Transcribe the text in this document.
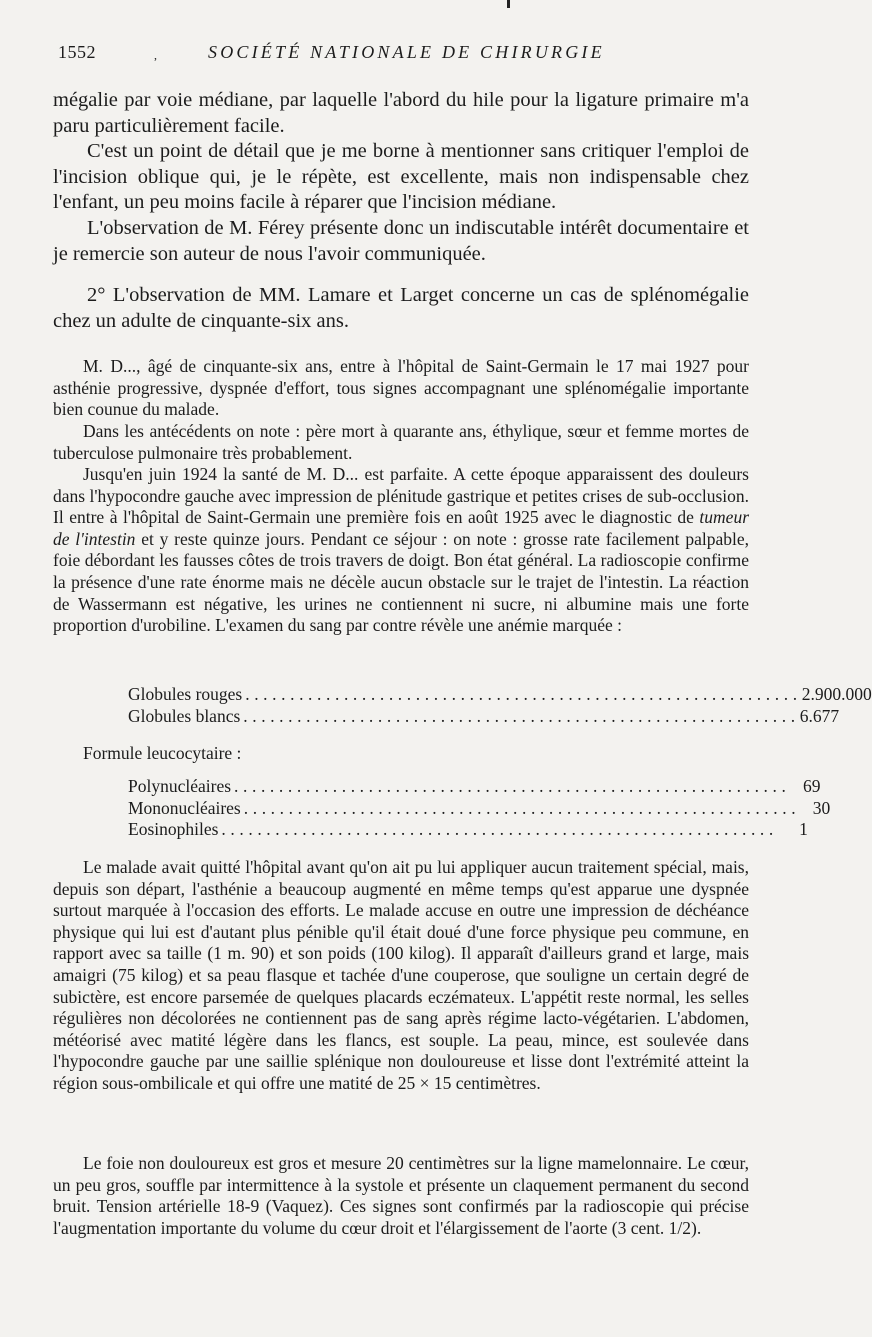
1552	,	SOCIÉTÉ NATIONALE DE CHIRURGIE

mégalie par voie médiane, par laquelle l'abord du hile pour la ligature primaire m'a paru particulièrement facile.

C'est un point de détail que je me borne à mentionner sans critiquer l'emploi de l'incision oblique qui, je le répète, est excellente, mais non indispensable chez l'enfant, un peu moins facile à réparer que l'incision médiane.

L'observation de M. Férey présente donc un indiscutable intérêt documentaire et je remercie son auteur de nous l'avoir communiquée.

2° L'observation de MM. Lamare et Larget concerne un cas de splénomégalie chez un adulte de cinquante-six ans.

M. D..., âgé de cinquante-six ans, entre à l'hôpital de Saint-Germain le 17 mai 1927 pour asthénie progressive, dyspnée d'effort, tous signes accompagnant une splénomégalie importante bien counue du malade.

Dans les antécédents on note : père mort à quarante ans, éthylique, sœur et femme mortes de tuberculose pulmonaire très probablement.

Jusqu'en juin 1924 la santé de M. D... est parfaite. A cette époque apparaissent des douleurs dans l'hypocondre gauche avec impression de plénitude gastrique et petites crises de sub-occlusion. Il entre à l'hôpital de Saint-Germain une première fois en août 1925 avec le diagnostic de tumeur de l'intestin et y reste quinze jours. Pendant ce séjour : on note : grosse rate facilement palpable, foie débordant les fausses côtes de trois travers de doigt. Bon état général. La radioscopie confirme la présence d'une rate énorme mais ne décèle aucun obstacle sur le trajet de l'intestin. La réaction de Wassermann est négative, les urines ne contiennent ni sucre, ni albumine mais une forte proportion d'urobiline. L'examen du sang par contre révèle une anémie marquée :

Globules rouges .............................................................. 2.900.000
Globules blancs .............................................................. 6.677
Formule leucocytaire :
Polynucléaires .............................................................. 69
Mononucléaires .............................................................. 30
Eosinophiles ..............................................................	1

Le malade avait quitté l'hôpital avant qu'on ait pu lui appliquer aucun traitement spécial, mais, depuis son départ, l'asthénie a beaucoup augmenté en même temps qu'est apparue une dyspnée surtout marquée à l'occasion des efforts. Le malade accuse en outre une impression de déchéance physique qui lui est d'autant plus pénible qu'il était doué d'une force physique peu commune, en rapport avec sa taille (1 m. 90) et son poids (100 kilog). Il apparaît d'ailleurs grand et large, mais amaigri (75 kilog) et sa peau flasque et tachée d'une couperose, que souligne un certain degré de subictère, est encore parsemée de quelques placards eczémateux. L'appétit reste normal, les selles régulières non décolorées ne contiennent pas de sang après régime lacto-végétarien. L'abdomen, météorisé avec matité légère dans les flancs, est souple. La peau, mince, est soulevée dans l'hypocondre gauche par une saillie splénique non douloureuse et lisse dont l'extrémité atteint la région sous-ombilicale et qui offre une matité de 25 × 15 centimètres.

Le foie non douloureux est gros et mesure 20 centimètres sur la ligne mamelonnaire. Le cœur, un peu gros, souffle par intermittence à la systole et présente un claquement permanent du second bruit. Tension artérielle 18-9 (Vaquez). Ces signes sont confirmés par la radioscopie qui précise l'augmentation importante du volume du cœur droit et l'élargissement de l'aorte (3 cent. 1/2).
